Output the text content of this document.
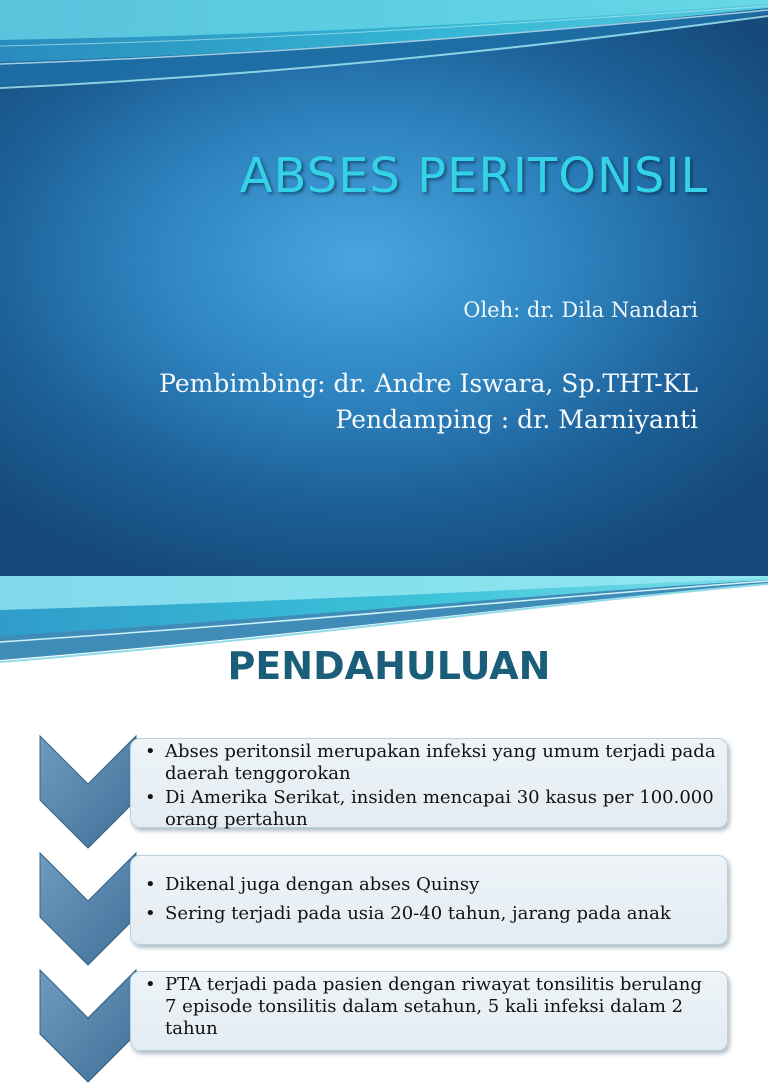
ABSES PERITONSIL
Oleh: dr. Dila Nandari
Pembimbing: dr. Andre Iswara, Sp.THT-KL
Pendamping : dr. Marniyanti
PENDAHULUAN
• Abses peritonsil merupakan infeksi yang umum terjadi pada daerah tenggorokan
• Di Amerika Serikat, insiden mencapai 30 kasus per 100.000 orang pertahun
• Dikenal juga dengan abses Quinsy
• Sering terjadi pada usia 20-40 tahun, jarang pada anak
• PTA terjadi pada pasien dengan riwayat tonsilitis berulang 7 episode tonsilitis dalam setahun, 5 kali infeksi dalam 2 tahun
